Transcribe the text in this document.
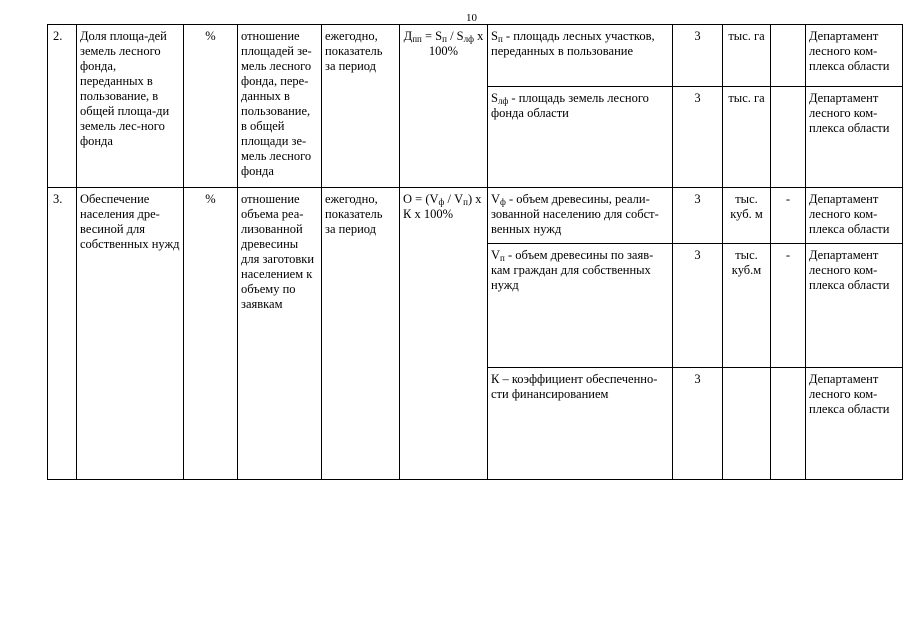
10
2.	Доля площа-дей земель лесного фонда, переданных в пользование, в общей площа-ди земель лес-ного фонда	%	отношение площадей зе-мель лесного фонда, пере-данных в пользование, в общей площади зе-мель лесного фонда	ежегодно, показатель за период	$Д_{пп} = S_п / S_{лф}$ х 100%	$S_п$ - площадь лесных участков, переданных в пользование	3	тыс. га		Департамент лесного ком-плекса области
						$S_{лф}$ - площадь земель лесного фонда области	3	тыс. га		Департамент лесного ком-плекса области
3.	Обеспечение населения дре-весиной для собственных нужд	%	отношение объема реа-лизованной древесины для заготовки населением к объему по заявкам	ежегодно, показатель за период	$О = (V_ф / V_п)$ х К х 100%	$V_ф$ - объем древесины, реали-зованной населению для собст-венных нужд	3	тыс. куб. м	-	Департамент лесного ком-плекса области
						$V_п$ - объем древесины по заяв-кам граждан для собственных нужд	3	тыс. куб.м	-	Департамент лесного ком-плекса области
						К – коэффициент обеспеченно-сти финансированием	3			Департамент лесного ком-плекса области
